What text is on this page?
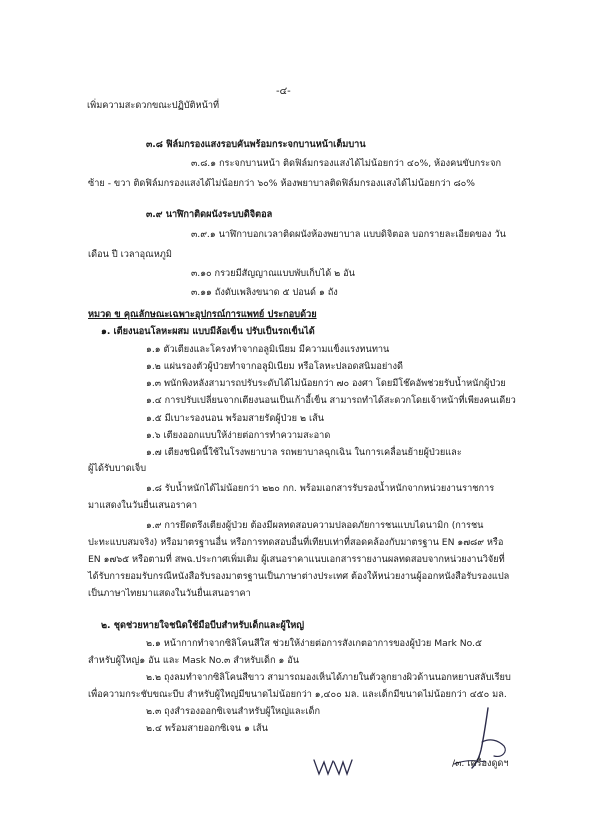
-๔-
เพิ่มความสะดวกขณะปฏิบัติหน้าที่
๓.๘ ฟิล์มกรองแสงรอบคันพร้อมกระจกบานหน้าเต็มบาน
๓.๘.๑ กระจกบานหน้า ติดฟิล์มกรองแสงได้ไม่น้อยกว่า ๔๐%, ห้องคนขับกระจก
ซ้าย - ขวา ติดฟิล์มกรองแสงได้ไม่น้อยกว่า ๖๐% ห้องพยาบาลติดฟิล์มกรองแสงได้ไม่น้อยกว่า ๘๐%
๓.๙ นาฬิกาติดผนังระบบดิจิตอล
๓.๙.๑ นาฬิกาบอกเวลาติดผนังห้องพยาบาล แบบดิจิตอล บอกรายละเอียดของ วัน
เดือน ปี เวลาอุณหภูมิ
๓.๑๐ กรวยมีสัญญาณแบบพับเก็บได้ ๒ อัน
๓.๑๑ ถังดับเพลิงขนาด ๕ ปอนด์ ๑ ถัง
หมวด ข คุณลักษณะเฉพาะอุปกรณ์การแพทย์ ประกอบด้วย
๑. เตียงนอนโลหะผสม แบบมีล้อเข็น ปรับเป็นรถเข็นได้
๑.๑ ตัวเตียงและโครงทำจากอลูมิเนียม มีความแข็งแรงทนทาน
๑.๒ แผ่นรองตัวผู้ป่วยทำจากอลูมิเนียม หรือโลหะปลอดสนิมอย่างดี
๑.๓ พนักพิงหลังสามารถปรับระดับได้ไม่น้อยกว่า ๗๐ องศา โดยมีโช๊คอัพช่วยรับน้ำหนักผู้ป่วย
๑.๔ การปรับเปลี่ยนจากเตียงนอนเป็นเก้าอี้เข็น สามารถทำได้สะดวกโดยเจ้าหน้าที่เพียงคนเดียว
๑.๕ มีเบาะรองนอน พร้อมสายรัดผู้ป่วย ๒ เส้น
๑.๖ เตียงออกแบบให้ง่ายต่อการทำความสะอาด
๑.๗ เตียงชนิดนี้ใช้ในโรงพยาบาล รถพยาบาลฉุกเฉิน ในการเคลื่อนย้ายผู้ป่วยและ
ผู้ได้รับบาดเจ็บ
๑.๘ รับน้ำหนักได้ไม่น้อยกว่า ๒๒๐ กก. พร้อมเอกสารรับรองน้ำหนักจากหน่วยงานราชการ
มาแสดงในวันยื่นเสนอราคา
๑.๙ การยึดตรึงเตียงผู้ป่วย ต้องมีผลทดสอบความปลอดภัยการชนแบบไดนามิก (การชน
ปะทะแบบสมจริง) หรือมาตรฐานอื่น หรือการทดสอบอื่นที่เทียบเท่าที่สอดคล้องกับมาตรฐาน EN ๑๗๘๙ หรือ
EN ๑๗๖๕ หรือตามที่ สพฉ.ประกาศเพิ่มเติม ผู้เสนอราคาแนบเอกสารรายงานผลทดสอบจากหน่วยงานวิจัยที่
ได้รับการยอมรับกรณีหนังสือรับรองมาตรฐานเป็นภาษาต่างประเทศ ต้องให้หน่วยงานผู้ออกหนังสือรับรองแปล
เป็นภาษาไทยมาแสดงในวันยื่นเสนอราคา
๒. ชุดช่วยหายใจชนิดใช้มือบีบสำหรับเด็กและผู้ใหญ่
๒.๑ หน้ากากทำจากซิลิโคนสีใส ช่วยให้ง่ายต่อการสังเกตอาการของผู้ป่วย Mark No.๕
สำหรับผู้ใหญ่๑ อัน และ Mask No.๓ สำหรับเด็ก ๑ อัน
๒.๒ ถุงลมทำจากซิลิโคนสีขาว สามารถมองเห็นได้ภายในตัวลูกยางผิวด้านนอกหยาบสลับเรียบ
เพื่อความกระชับขณะบีบ สำหรับผู้ใหญ่มีขนาดไม่น้อยกว่า ๑,๔๐๐ มล. และเด็กมีขนาดไม่น้อยกว่า ๔๕๐ มล.
๒.๓ ถุงสำรองออกซิเจนสำหรับผู้ใหญ่และเด็ก
๒.๔ พร้อมสายออกซิเจน ๑ เส้น
/๓. เครื่องดูดฯ
